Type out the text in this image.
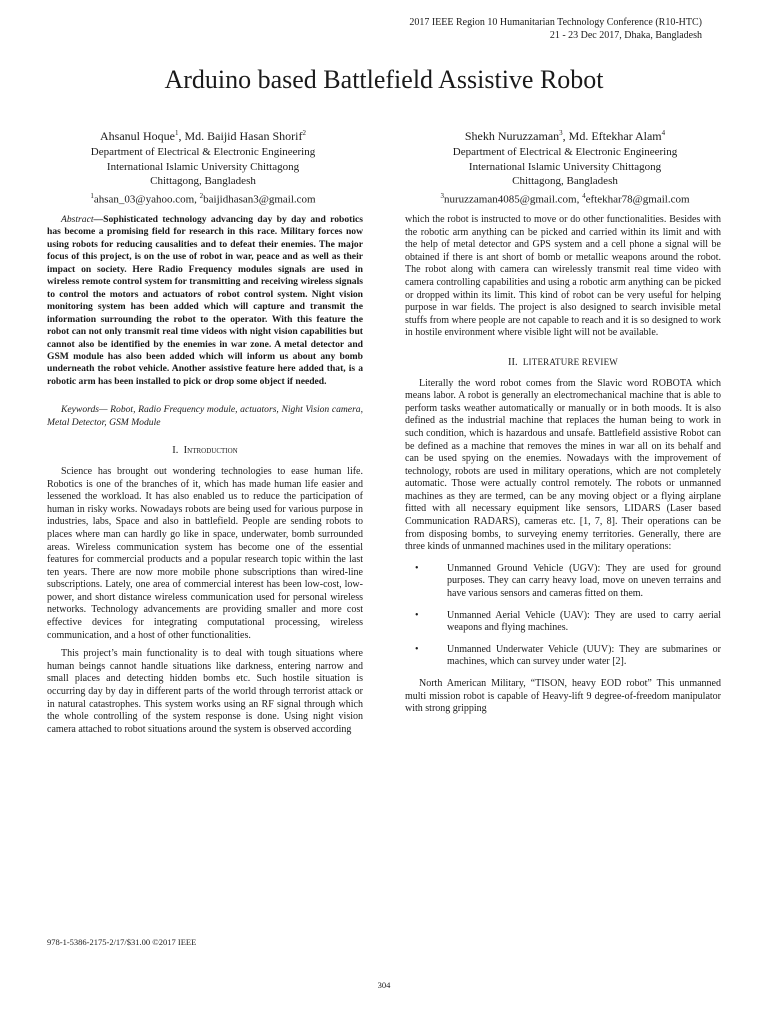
2017 IEEE Region 10 Humanitarian Technology Conference (R10-HTC)
21 - 23 Dec 2017, Dhaka, Bangladesh
Arduino based Battlefield Assistive Robot
Ahsanul Hoque$^1$, Md. Baijid Hasan Shorif$^2$
Department of Electrical & Electronic Engineering
International Islamic University Chittagong
Chittagong, Bangladesh
$^1$ahsan_03@yahoo.com, $^2$baijidhasan3@gmail.com
Shekh Nuruzzaman$^3$, Md. Eftekhar Alam$^4$
Department of Electrical & Electronic Engineering
International Islamic University Chittagong
Chittagong, Bangladesh
$^3$nuruzzaman4085@gmail.com, $^4$eftekhar78@gmail.com

Abstract—Sophisticated technology advancing day by day and robotics has become a promising field for research in this race. Military forces now using robots for reducing causalities and to defeat their enemies. The major focus of this project, is on the use of robot in war, peace and as well as their impact on society. Here Radio Frequency modules signals are used in wireless remote control system for transmitting and receiving wireless signals to control the motors and actuators of robot control system. Night vision monitoring system has been added which will capture and transmit the information surrounding the robot to the operator. With this feature the robot can not only transmit real time videos with night vision capabilities but cannot also be identified by the enemies in war zone. A metal detector and GSM module has also been added which will inform us about any bomb underneath the robot vehicle. Another assistive feature here added that, is a robotic arm has been installed to pick or drop some object if needed.

Keywords— Robot, Radio Frequency module, actuators, Night Vision camera, Metal Detector, GSM Module

I. Introduction

Science has brought out wondering technologies to ease human life. Robotics is one of the branches of it, which has made human life easier and lessened the workload. It has also enabled us to reduce the participation of human in risky works. Nowadays robots are being used for various purpose in industries, labs, Space and also in battlefield. People are sending robots to places where man can hardly go like in space, underwater, bomb surrounded areas. Wireless communication system has become one of the essential features for commercial products and a popular research topic within the last ten years. There are now more mobile phone subscriptions than wired-line subscriptions. Lately, one area of commercial interest has been low-cost, low-power, and short distance wireless communication used for personal wireless networks. Technology advancements are providing smaller and more cost effective devices for integrating computational processing, wireless communication, and a host of other functionalities.

This project’s main functionality is to deal with tough situations where human beings cannot handle situations like darkness, entering narrow and small places and detecting hidden bombs etc. Such hostile situation is occurring day by day in different parts of the world through terrorist attack or in natural catastrophes. This system works using an RF signal through which the whole controlling of the system response is done. Using night vision camera attached to robot situations around the system is observed according

which the robot is instructed to move or do other functionalities. Besides with the robotic arm anything can be picked and carried within its limit and with the help of metal detector and GPS system and a cell phone a signal will be obtained if there is ant short of bomb or metallic weapons around the robot. The robot along with camera can wirelessly transmit real time video with camera controlling capabilities and using a robotic arm anything can be picked or dropped within its limit. This kind of robot can be very useful for helping purpose in war fields. The project is also designed to search invisible metal stuffs from where people are not capable to reach and it is so designed to work in hostile environment where visible light will not be available.

II. LITERATURE REVIEW

Literally the word robot comes from the Slavic word ROBOTA which means labor. A robot is generally an electromechanical machine that is able to perform tasks weather automatically or manually or in both moods. It is also defined as the industrial machine that replaces the human being to work in such condition, which is hazardous and unsafe. Battlefield assistive Robot can be defined as a machine that removes the mines in war all on its behalf and can be used spying on the enemies. Nowadays with the improvement of technology, robots are used in military operations, which are not completely automatic. Those were actually control remotely. The robots or unmanned machines as they are termed, can be any moving object or a flying airplane fitted with all necessary equipment like sensors, LIDARS (Laser based Communication RADARS), cameras etc. [1, 7, 8]. Their operations can be from disposing bombs, to surveying enemy territories. Generally, there are three kinds of unmanned machines used in the military operations:

•	Unmanned Ground Vehicle (UGV): They are used for ground purposes. They can carry heavy load, move on uneven terrains and have various sensors and cameras fitted on them.
•	Unmanned Aerial Vehicle (UAV): They are used to carry aerial weapons and flying machines.
•	Unmanned Underwater Vehicle (UUV): They are submarines or machines, which can survey under water [2].

North American Military, “TISON, heavy EOD robot” This unmanned multi mission robot is capable of Heavy-lift 9 degree-of-freedom manipulator with strong gripping

978-1-5386-2175-2/17/$31.00 ©2017 IEEE
304
